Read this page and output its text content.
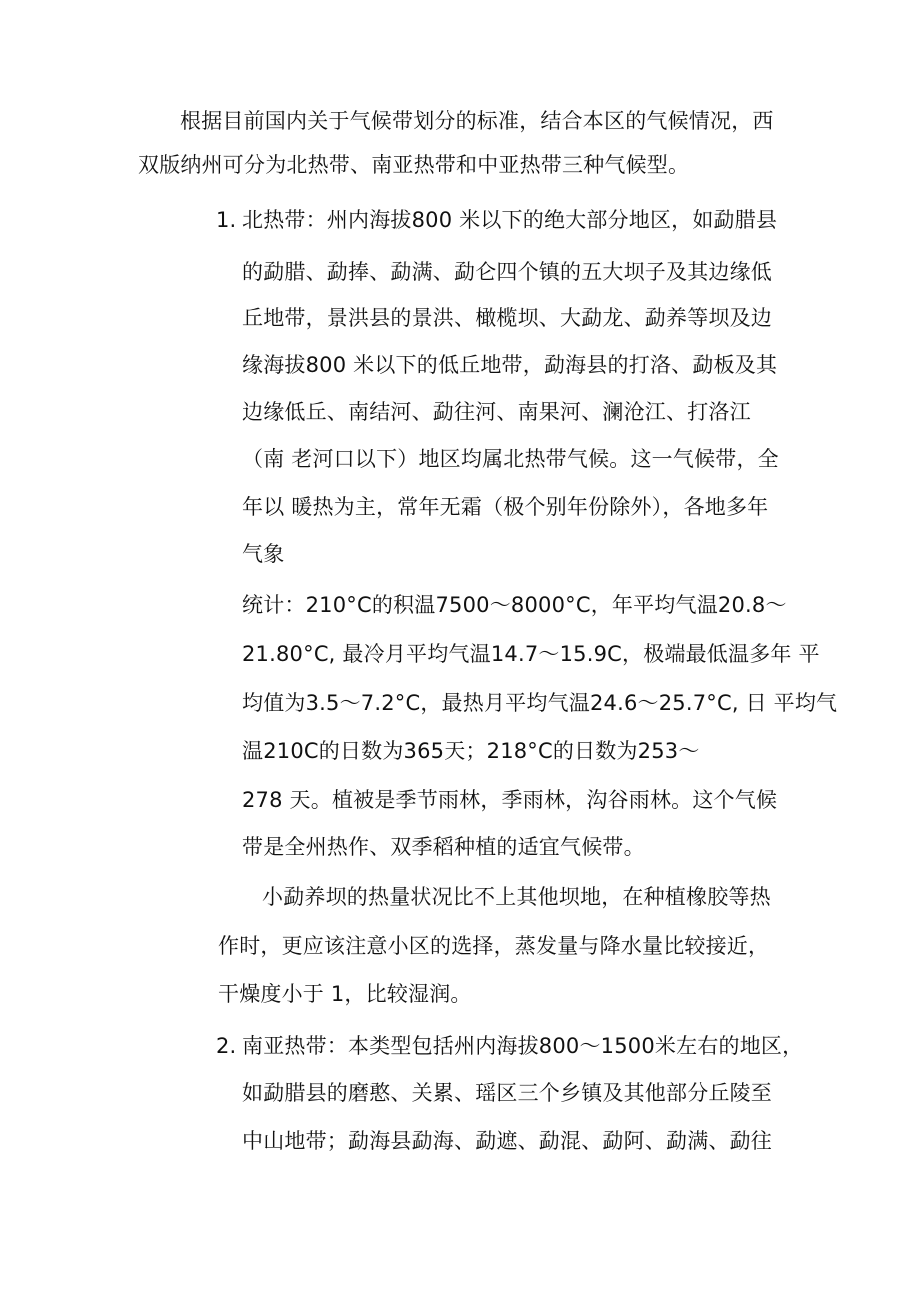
根据目前国内关于气候带划分的标准，结合本区的气候情况，西
双版纳州可分为北热带、南亚热带和中亚热带三种气候型。
1. 北热带：州内海拔800 米以下的绝大部分地区，如勐腊县
的勐腊、勐捧、勐满、勐仑四个镇的五大坝子及其边缘低
丘地带，景洪县的景洪、橄榄坝、大勐龙、勐养等坝及边
缘海拔800 米以下的低丘地带，勐海县的打洛、勐板及其
边缘低丘、南结河、勐往河、南果河、澜沧江、打洛江
（南 老河口以下）地区均属北热带气候。这一气候带，全
年以 暖热为主，常年无霜（极个别年份除外），各地多年
气象
统计：210°C的积温7500〜8000°C，年平均气温20.8〜
21.80°C, 最冷月平均气温14.7〜15.9C，极端最低温多年 平
均值为3.5〜7.2°C，最热月平均气温24.6〜25.7°C, 日 平均气
温210C的日数为365天；218°C的日数为253〜
278 天。植被是季节雨林，季雨林，沟谷雨林。这个气候
带是全州热作、双季稻种植的适宜气候带。
小勐养坝的热量状况比不上其他坝地，在种植橡胶等热
作时，更应该注意小区的选择，蒸发量与降水量比较接近，
干燥度小于 1，比较湿润。
2. 南亚热带：本类型包括州内海拔800〜1500米左右的地区，
如勐腊县的磨憨、关累、瑶区三个乡镇及其他部分丘陵至
中山地带；勐海县勐海、勐遮、勐混、勐阿、勐满、勐往
